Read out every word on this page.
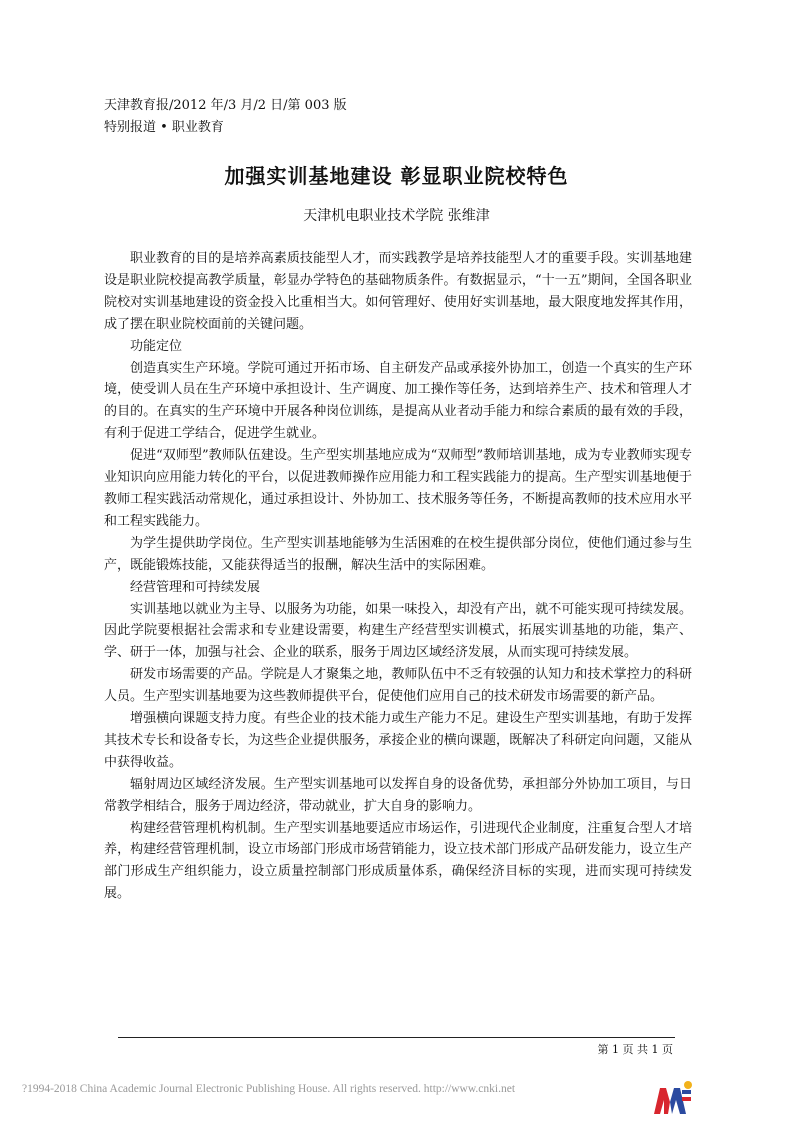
天津教育报/2012 年/3 月/2 日/第 003 版
特别报道 • 职业教育
加强实训基地建设 彰显职业院校特色
天津机电职业技术学院 张维津

职业教育的目的是培养高素质技能型人才，而实践教学是培养技能型人才的重要手段。实训基地建设是职业院校提高教学质量，彰显办学特色的基础物质条件。有数据显示，“十一五”期间，全国各职业院校对实训基地建设的资金投入比重相当大。如何管理好、使用好实训基地，最大限度地发挥其作用，成了摆在职业院校面前的关键问题。

功能定位

创造真实生产环境。学院可通过开拓市场、自主研发产品或承接外协加工，创造一个真实的生产环境，使受训人员在生产环境中承担设计、生产调度、加工操作等任务，达到培养生产、技术和管理人才的目的。在真实的生产环境中开展各种岗位训练，是提高从业者动手能力和综合素质的最有效的手段，有利于促进工学结合，促进学生就业。

促进“双师型”教师队伍建设。生产型实圳基地应成为“双师型”教师培训基地，成为专业教师实现专业知识向应用能力转化的平台，以促进教师操作应用能力和工程实践能力的提高。生产型实训基地便于教师工程实践活动常规化，通过承担设计、外协加工、技术服务等任务，不断提高教师的技术应用水平和工程实践能力。

为学生提供助学岗位。生产型实训基地能够为生活困难的在校生提供部分岗位，使他们通过参与生产，既能锻炼技能，又能获得适当的报酬，解决生活中的实际困难。

经营管理和可持续发展

实训基地以就业为主导、以服务为功能，如果一味投入，却没有产出，就不可能实现可持续发展。因此学院要根据社会需求和专业建设需要，构建生产经营型实训模式，拓展实训基地的功能，集产、学、研于一体，加强与社会、企业的联系，服务于周边区域经济发展，从而实现可持续发展。

研发市场需要的产品。学院是人才聚集之地，教师队伍中不乏有较强的认知力和技术掌控力的科研人员。生产型实训基地要为这些教师提供平台，促使他们应用自己的技术研发市场需要的新产品。

增强横向课题支持力度。有些企业的技术能力或生产能力不足。建设生产型实训基地，有助于发挥其技术专长和设备专长，为这些企业提供服务，承接企业的横向课题，既解决了科研定向问题，又能从中获得收益。

辐射周边区域经济发展。生产型实训基地可以发挥自身的设备优势，承担部分外协加工项目，与日常教学相结合，服务于周边经济，带动就业，扩大自身的影响力。

构建经营管理机构机制。生产型实训基地要适应市场运作，引进现代企业制度，注重复合型人才培养，构建经营管理机制，设立市场部门形成市场营销能力，设立技术部门形成产品研发能力，设立生产部门形成生产组织能力，设立质量控制部门形成质量体系，确保经济目标的实现，进而实现可持续发展。

第 1 页 共 1 页
?1994-2018 China Academic Journal Electronic Publishing House. All rights reserved. http://www.cnki.net
